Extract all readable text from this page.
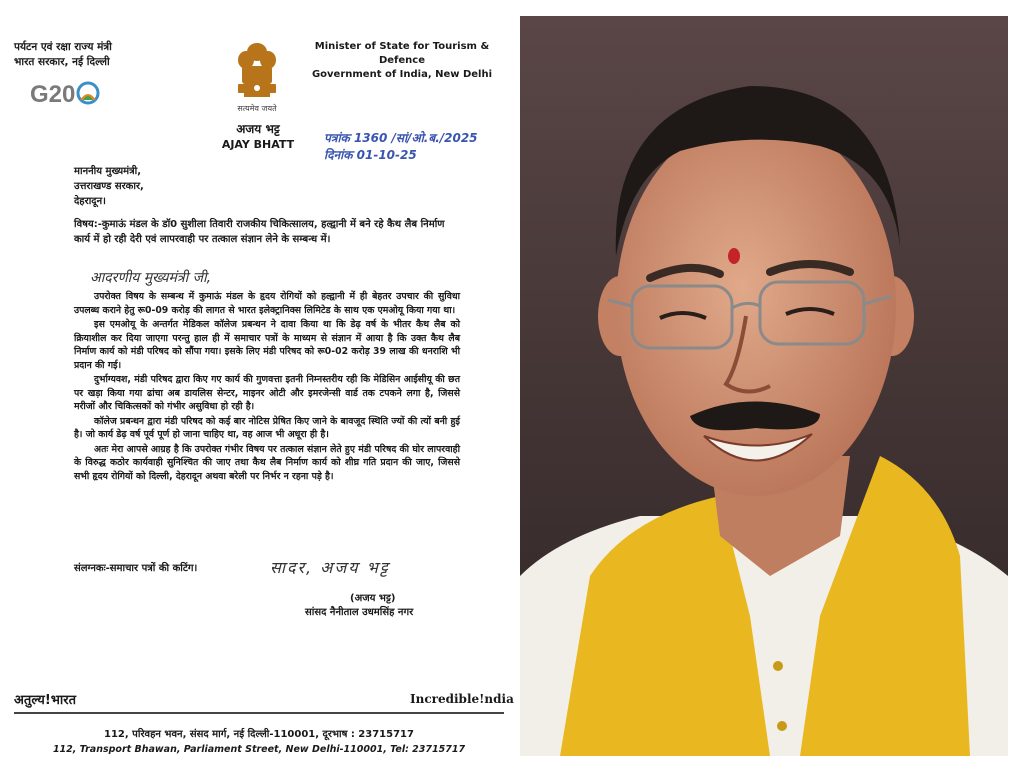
पर्यटन एवं रक्षा राज्य मंत्री
भारत सरकार, नई दिल्ली
Minister of State for Tourism & Defence
Government of India, New Delhi
G20
सत्यमेव जयते
अजय भट्ट
AJAY BHATT	पत्रांक 1360 /सां/ओ.ब./2025
दिनांक 01-10-25
माननीय मुख्यमंत्री,
उत्तराखण्ड सरकार,
देहरादून।
विषय:-कुमाऊं मंडल के डॉ0 सुशीला तिवारी राजकीय चिकित्सालय, हल्द्वानी में बने रहे कैथ लैब निर्माण कार्य में हो रही देरी एवं लापरवाही पर तत्काल संज्ञान लेने के सम्बन्ध में।
आदरणीय मुख्यमंत्री जी,

उपरोक्त विषय के सम्बन्ध में कुमाऊं मंडल के हृदय रोगियों को हल्द्वानी में ही बेहतर उपचार की सुविधा उपलब्ध कराने हेतु रू0-09 करोड़ की लागत से भारत इलेक्ट्रानिक्स लिमिटेड के साथ एक एमओयू किया गया था।

इस एमओयू के अन्तर्गत मेडिकल कॉलेज प्रबन्धन ने दावा किया था कि डेढ़ वर्ष के भीतर कैथ लैब को क्रियाशील कर दिया जाएगा परन्तु हाल ही में समाचार पत्रों के माध्यम से संज्ञान में आया है कि उक्त कैथ लैब निर्माण कार्य को मंडी परिषद को सौंपा गया। इसके लिए मंडी परिषद को रू0-02 करोड़ 39 लाख की धनराशि भी प्रदान की गई।

दुर्भाग्यवश, मंडी परिषद द्वारा किए गए कार्य की गुणवत्ता इतनी निम्नस्तरीय रही कि मेडिसिन आईसीयू की छत पर खड़ा किया गया ढांचा अब डायलिस सेन्टर, माइनर ओटी और इमरजेन्सी वार्ड तक टपकने लगा है, जिससे मरीजों और चिकित्सकों को गंभीर असुविधा हो रही है।

कॉलेज प्रबन्धन द्वारा मंडी परिषद को कई बार नोटिस प्रेषित किए जाने के बावजूद स्थिति ज्यों की त्यों बनी हुई है। जो कार्य डेढ़ वर्ष पूर्व पूर्ण हो जाना चाहिए था, वह आज भी अधूरा ही है।

अतः मेरा आपसे आग्रह है कि उपरोक्त गंभीर विषय पर तत्काल संज्ञान लेते हुए मंडी परिषद की घोर लापरवाही के विरुद्ध कठोर कार्यवाही सुनिश्चित की जाए तथा कैथ लैब निर्माण कार्य को शीघ्र गति प्रदान की जाए, जिससे सभी हृदय रोगियों को दिल्ली, देहरादून अथवा बरेली पर निर्भर न रहना पड़े है।

संलग्नकः-समाचार पत्रों की कटिंग।	सादर, अजय भट्ट
(अजय भट्ट)
सांसद नैनीताल उधमसिंह नगर
अतुल्य!भारत	Incredible!ndia
112, परिवहन भवन, संसद मार्ग, नई दिल्ली-110001, दूरभाष : 23715717
112, Transport Bhawan, Parliament Street, New Delhi-110001, Tel: 23715717
